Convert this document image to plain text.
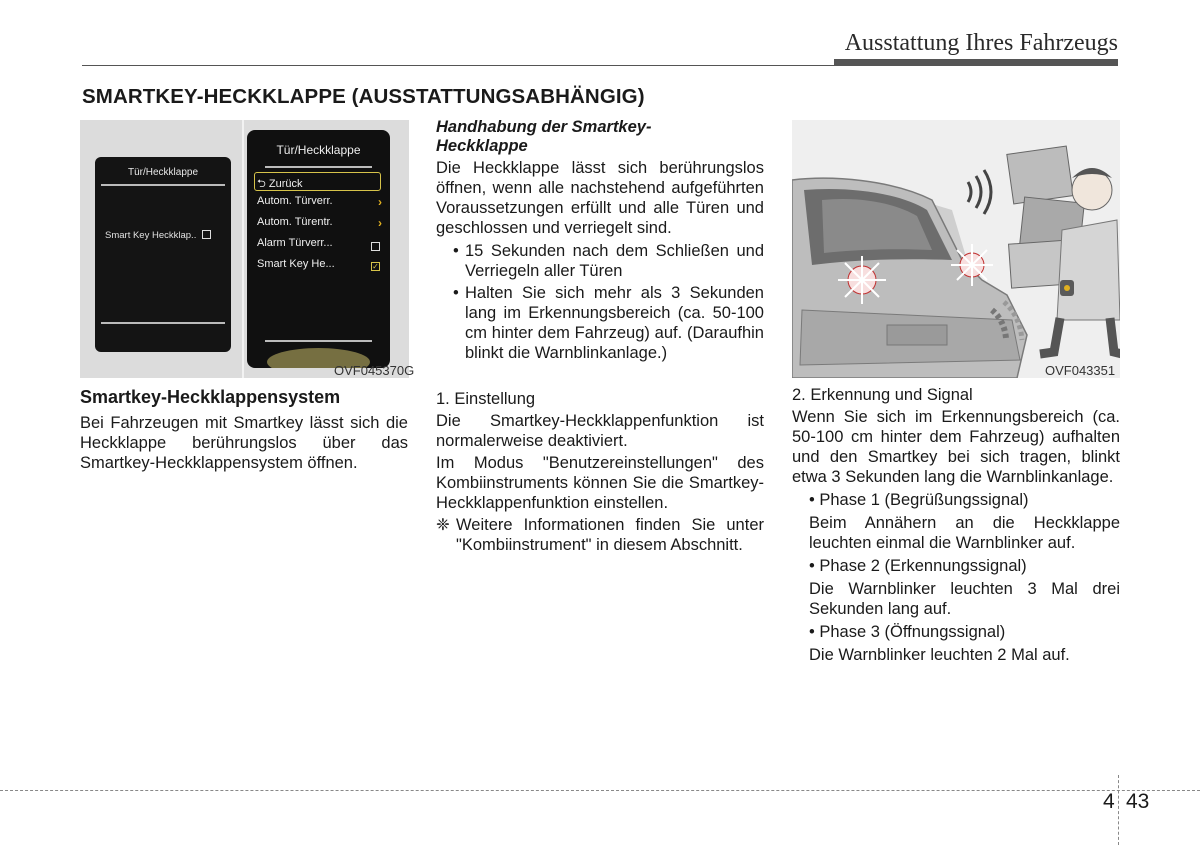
Ausstattung Ihres Fahrzeugs
SMARTKEY-HECKKLAPPE (AUSSTATTUNGSABHÄNGIG)
Tür/Heckklappe
Smart Key Heckklap..
Tür/Heckklappe
⮌ Zurück
Autom. Türverr.	›
Autom. Türentr.	›
Alarm Türverr...
Smart Key He...	✓
OVF045370G

Smartkey-Heckklappensystem

Bei Fahrzeugen mit Smartkey lässt sich die Heckklappe berührungslos über das Smartkey-Heckklappensystem öffnen.

Handhabung der Smartkey-
Heckklappe

Die Heckklappe lässt sich berührungslos öffnen, wenn alle nachstehend aufgeführten Voraussetzungen erfüllt und alle Türen und geschlossen und verriegelt sind.

• 15 Sekunden nach dem Schließen und Verriegeln aller Türen

• Halten Sie sich mehr als 3 Sekunden lang im Erkennungsbereich (ca. 50-100 cm hinter dem Fahrzeug) auf. (Daraufhin blinkt die Warnblinkanlage.)

1. Einstellung

Die Smartkey-Heckklappenfunktion ist normalerweise deaktiviert.

Im Modus "Benutzereinstellungen" des Kombiinstruments können Sie die Smartkey-Heckklappenfunktion einstellen.

❈ Weitere Informationen finden Sie unter "Kombiinstrument" in diesem Abschnitt.

OVF043351

2. Erkennung und Signal

Wenn Sie sich im Erkennungsbereich (ca. 50-100 cm hinter dem Fahrzeug) aufhalten und den Smartkey bei sich tragen, blinkt etwa 3 Sekunden lang die Warnblinkanlage.

• Phase 1 (Begrüßungssignal)

Beim Annähern an die Heckklappe leuchten einmal die Warnblinker auf.

• Phase 2 (Erkennungssignal)

Die Warnblinker leuchten 3 Mal drei Sekunden lang auf.

• Phase 3 (Öffnungssignal)

Die Warnblinker leuchten 2 Mal auf.

4 43
